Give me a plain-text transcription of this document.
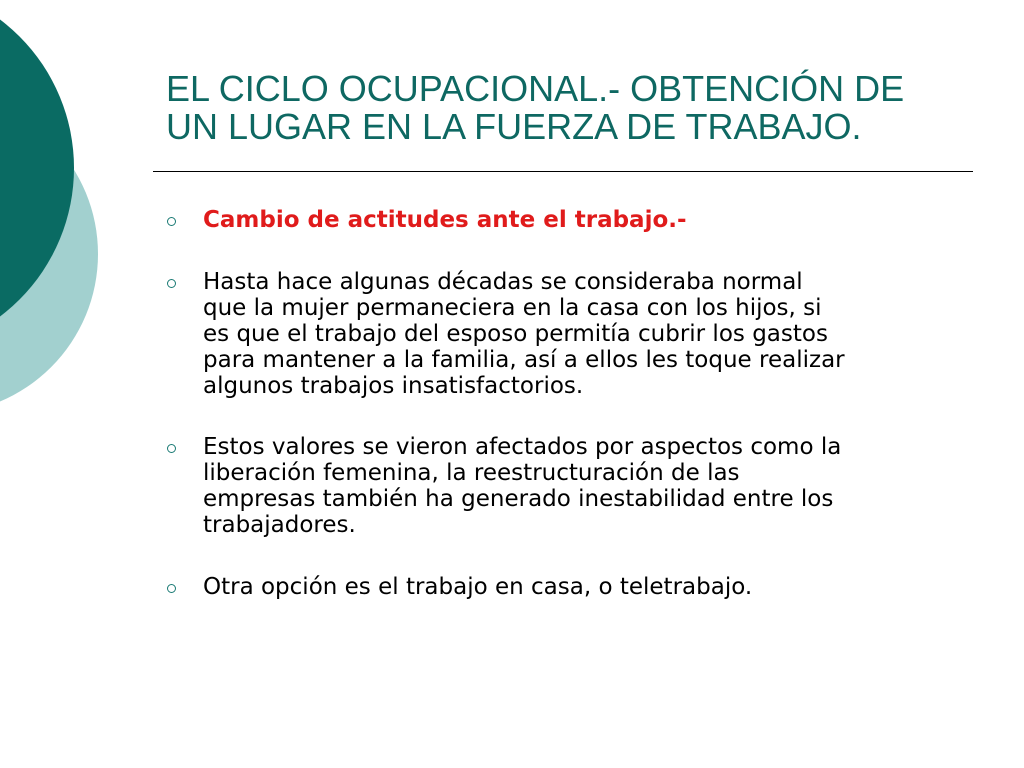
EL CICLO OCUPACIONAL.- OBTENCIÓN DE
UN LUGAR EN LA FUERZA DE TRABAJO.
Cambio de actitudes ante el trabajo.-
Hasta hace algunas décadas se consideraba normal
que la mujer permaneciera en la casa con los hijos, si
es que el trabajo del esposo permitía cubrir los gastos
para mantener a la familia, así a ellos les toque realizar
algunos trabajos insatisfactorios.
Estos valores se vieron afectados por aspectos como la
liberación femenina, la reestructuración de las
empresas también ha generado inestabilidad entre los
trabajadores.
Otra opción es el trabajo en casa, o teletrabajo.
